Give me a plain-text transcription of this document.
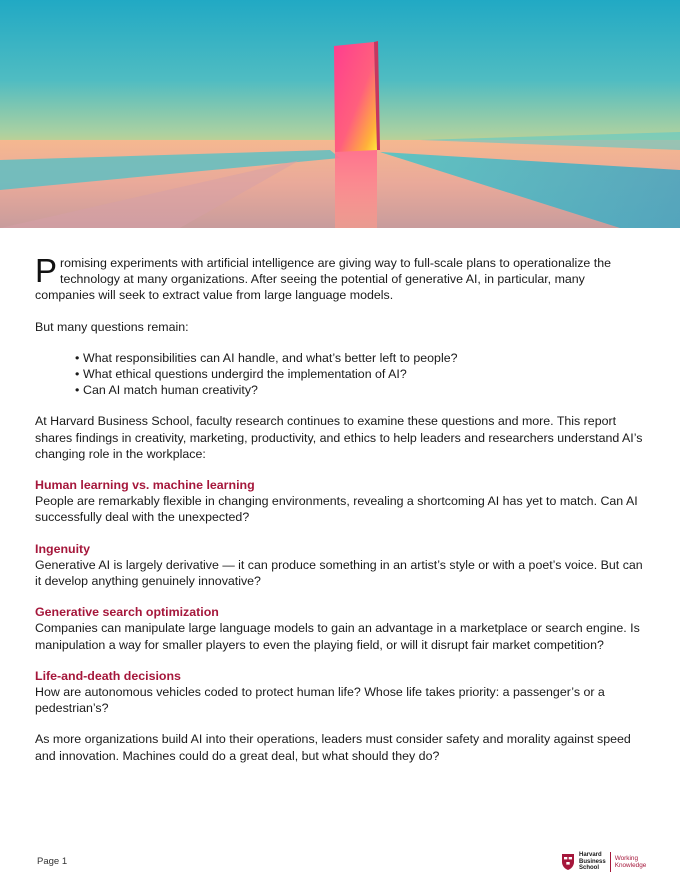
Promising experiments with artificial intelligence are giving way to full-scale plans to operationalize the technology at many organizations. After seeing the potential of generative AI, in particular, many companies will seek to extract value from large language models.

But many questions remain:

• What responsibilities can AI handle, and what’s better left to people?
• What ethical questions undergird the implementation of AI?
• Can AI match human creativity?

At Harvard Business School, faculty research continues to examine these questions and more. This report shares findings in creativity, marketing, productivity, and ethics to help leaders and researchers understand AI’s changing role in the workplace:

Human learning vs. machine learning

People are remarkably flexible in changing environments, revealing a shortcoming AI has yet to match. Can AI successfully deal with the unexpected?

Ingenuity

Generative AI is largely derivative — it can produce something in an artist’s style or with a poet’s voice. But can it develop anything genuinely innovative?

Generative search optimization

Companies can manipulate large language models to gain an advantage in a marketplace or search engine. Is manipulation a way for smaller players to even the playing field, or will it disrupt fair market competition?

Life-and-death decisions

How are autonomous vehicles coded to protect human life? Whose life takes priority: a passenger’s or a pedestrian’s?

As more organizations build AI into their operations, leaders must consider safety and morality against speed and innovation. Machines could do a great deal, but what should they do?

Page 1
Harvard
Business
School
Working
Knowledge
